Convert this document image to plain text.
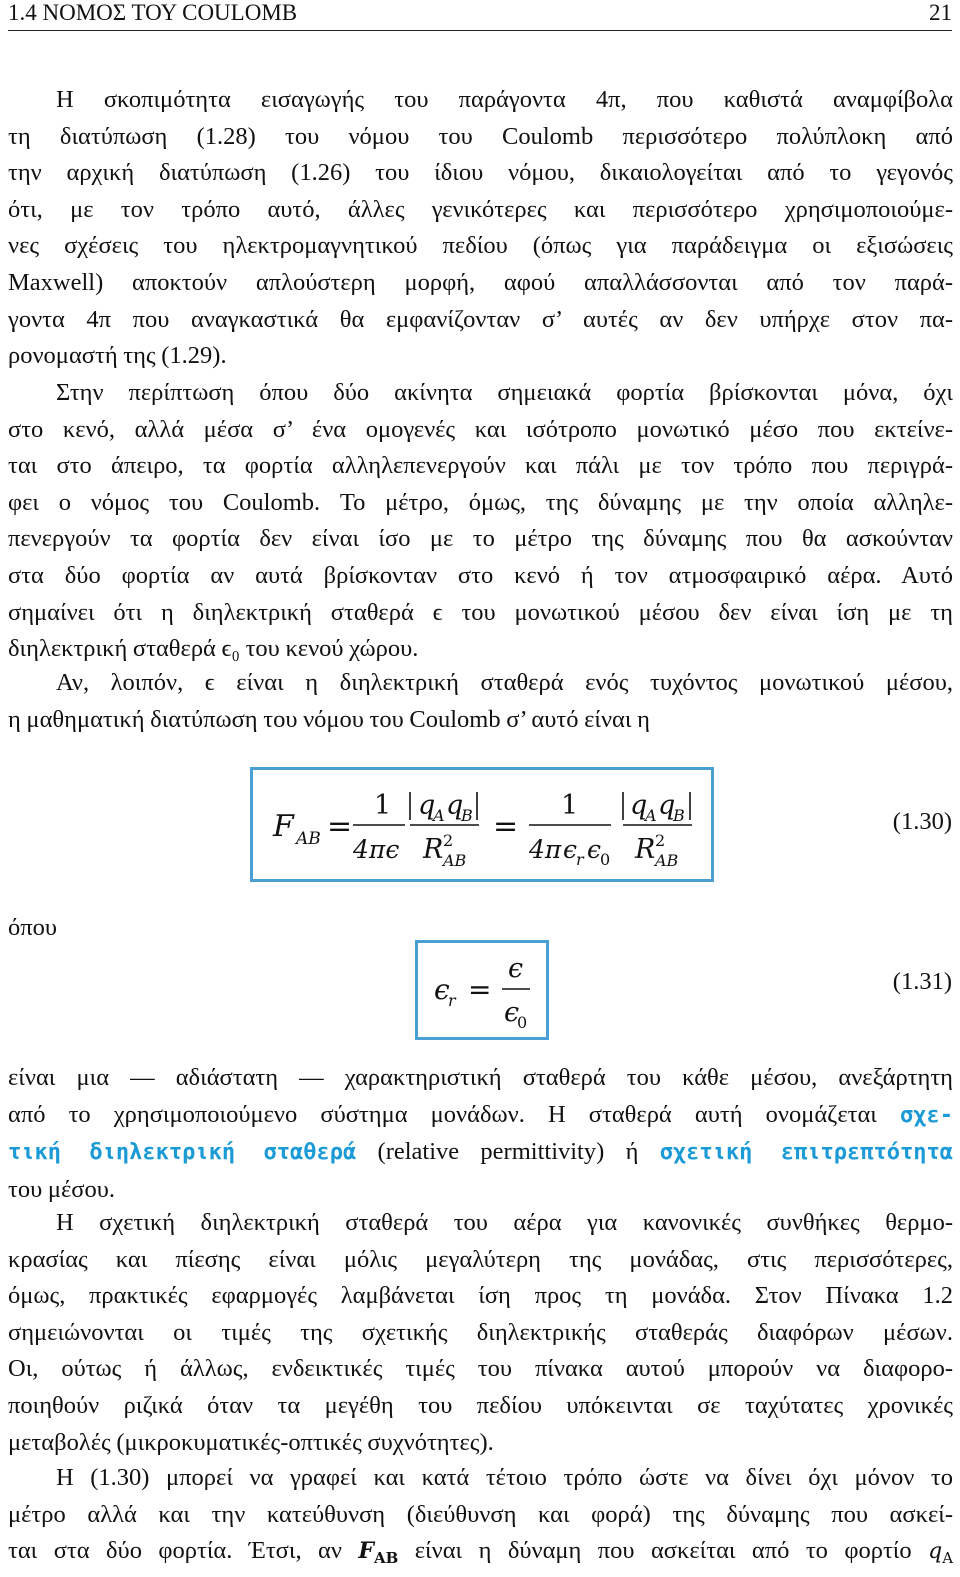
1.4 ΝΟΜΟΣ ΤΟΥ COULOMB	21
Η σκοπιμότητα εισαγωγής του παράγοντα 4π, που καθιστά αναμφίβολα
τη διατύπωση (1.28) του νόμου του Coulomb περισσότερο πολύπλοκη από
την αρχική διατύπωση (1.26) του ίδιου νόμου, δικαιολογείται από το γεγονός
ότι, με τον τρόπο αυτό, άλλες γενικότερες και περισσότερο χρησιμοποιούμε-
νες σχέσεις του ηλεκτρομαγνητικού πεδίου (όπως για παράδειγμα οι εξισώσεις
Maxwell) αποκτούν απλούστερη μορφή, αφού απαλλάσσονται από τον παρά-
γοντα 4π που αναγκαστικά θα εμφανίζονταν σ’ αυτές αν δεν υπήρχε στον πα-
ρονομαστή της (1.29).
Στην περίπτωση όπου δύο ακίνητα σημειακά φορτία βρίσκονται μόνα, όχι
στο κενό, αλλά μέσα σ’ ένα ομογενές και ισότροπο μονωτικό μέσο που εκτείνε-
ται στο άπειρο, τα φορτία αλληλεπενεργούν και πάλι με τον τρόπο που περιγρά-
φει ο νόμος του Coulomb. Το μέτρο, όμως, της δύναμης με την οποία αλληλε-
πενεργούν τα φορτία δεν είναι ίσο με το μέτρο της δύναμης που θα ασκούνταν
στα δύο φορτία αν αυτά βρίσκονταν στο κενό ή τον ατμοσφαιρικό αέρα. Αυτό
σημαίνει ότι η διηλεκτρική σταθερά ϵ του μονωτικού μέσου δεν είναι ίση με τη
διηλεκτρική σταθερά ϵ₀ του κενού χώρου.
Αν, λοιπόν, ϵ είναι η διηλεκτρική σταθερά ενός τυχόντος μονωτικού μέσου,
η μαθηματική διατύπωση του νόμου του Coulomb σ’ αυτό είναι η
F AB =
1
4πϵ
q
A q
B
R 2
AB
=
1
4π ϵ
r ϵ
0
q
A q
B
R 2
AB
(1.30)
όπου
ϵ
r =
ϵ
ϵ
0
(1.31)
είναι μια — αδιάστατη — χαρακτηριστική σταθερά του κάθε μέσου, ανεξάρτητη
από το χρησιμοποιούμενο σύστημα μονάδων. Η σταθερά αυτή ονομάζεται σχε-
τική διηλεκτρική σταθερά (relative permittivity) ή σχετική επιτρεπτότητα
του μέσου.
Η σχετική διηλεκτρική σταθερά του αέρα για κανονικές συνθήκες θερμο-
κρασίας και πίεσης είναι μόλις μεγαλύτερη της μονάδας, στις περισσότερες,
όμως, πρακτικές εφαρμογές λαμβάνεται ίση προς τη μονάδα. Στον Πίνακα 1.2
σημειώνονται οι τιμές της σχετικής διηλεκτρικής σταθεράς διαφόρων μέσων.
Οι, ούτως ή άλλως, ενδεικτικές τιμές του πίνακα αυτού μπορούν να διαφορο-
ποιηθούν ριζικά όταν τα μεγέθη του πεδίου υπόκεινται σε ταχύτατες χρονικές
μεταβολές (μικροκυματικές-οπτικές συχνότητες).
Η (1.30) μπορεί να γραφεί και κατά τέτοιο τρόπο ώστε να δίνει όχι μόνον το
μέτρο αλλά και την κατεύθυνση (διεύθυνση και φορά) της δύναμης που ασκεί-
ται στα δύο φορτία. Έτσι, αν $F_{AB}$ είναι η δύναμη που ασκείται από το φορτίο $q_A$
